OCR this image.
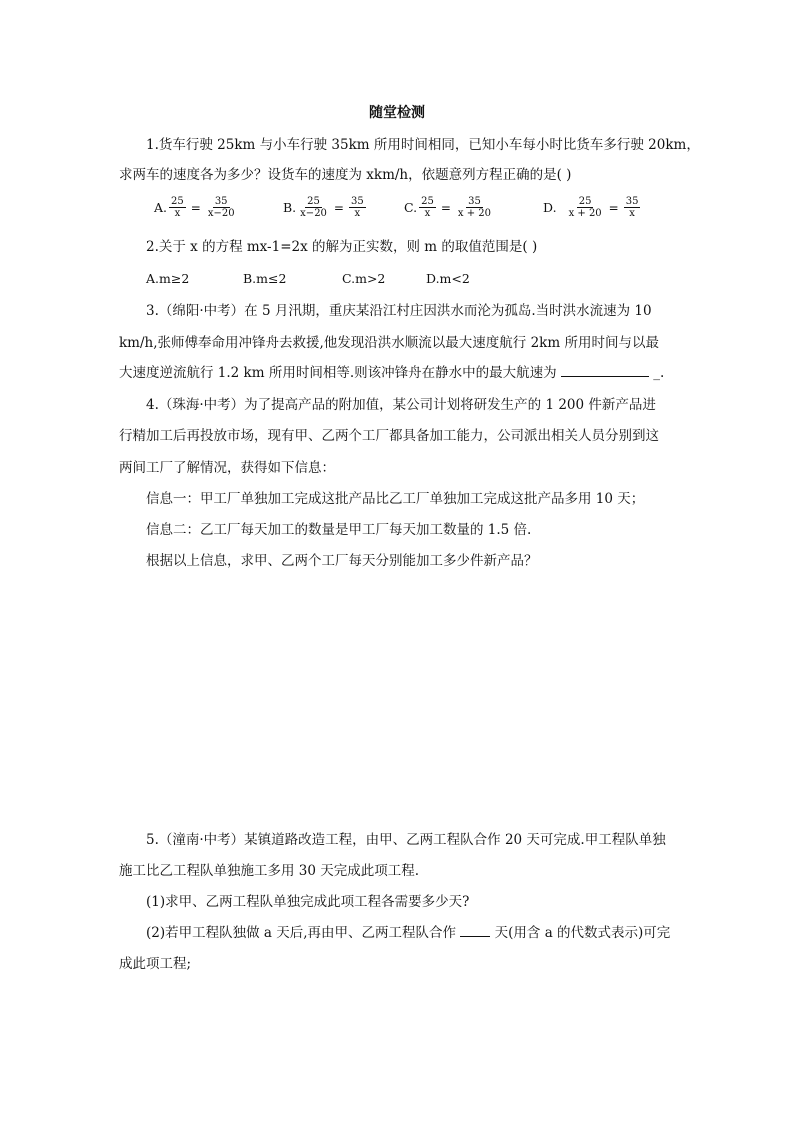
随堂检测
1.货车行驶 25km 与小车行驶 35km 所用时间相同，已知小车每小时比货车多行驶 20km，
求两车的速度各为多少？设货车的速度为 xkm/h，依题意列方程正确的是( )
A. $\frac{25}{x} = \frac{35}{x-20}$	B. $\frac{25}{x-20} = \frac{35}{x}$	C. $\frac{25}{x} = \frac{35}{x + 20}$	D. $\frac{25}{x + 20} = \frac{35}{x}$
2.关于 x 的方程 mx-1=2x 的解为正实数，则 m 的取值范围是( )
A.m≥2	B.m≤2	C.m>2	D.m<2
3.（绵阳·中考）在 5 月汛期，重庆某沿江村庄因洪水而沦为孤岛.当时洪水流速为 10
km/h,张师傅奉命用冲锋舟去救援,他发现沿洪水顺流以最大速度航行 2km 所用时间与以最
大速度逆流航行 1.2 km 所用时间相等.则该冲锋舟在静水中的最大航速为	_.
4.（珠海·中考）为了提高产品的附加值，某公司计划将研发生产的 1 200 件新产品进
行精加工后再投放市场，现有甲、乙两个工厂都具备加工能力，公司派出相关人员分别到这
两间工厂了解情况，获得如下信息：
信息一：甲工厂单独加工完成这批产品比乙工厂单独加工完成这批产品多用 10 天；
信息二：乙工厂每天加工的数量是甲工厂每天加工数量的 1.5 倍.
根据以上信息，求甲、乙两个工厂每天分别能加工多少件新产品？
5.（潼南·中考）某镇道路改造工程，由甲、乙两工程队合作 20 天可完成.甲工程队单独
施工比乙工程队单独施工多用 30 天完成此项工程.
(1)求甲、乙两工程队单独完成此项工程各需要多少天?
(2)若甲工程队独做 a 天后,再由甲、乙两工程队合作	天(用含 a 的代数式表示)可完
成此项工程;
